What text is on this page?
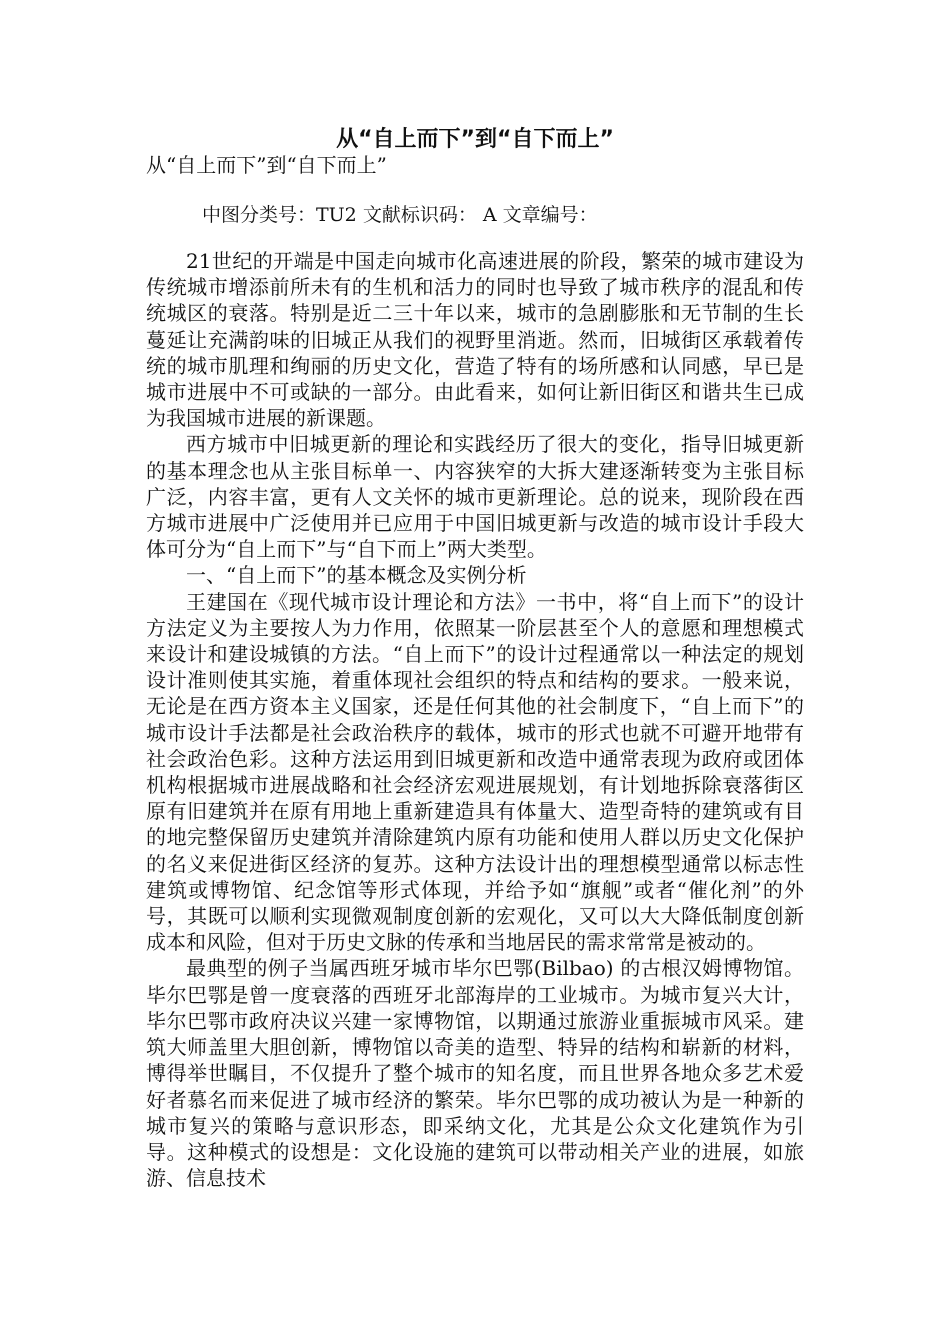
从“自上而下”到“自下而上”
从“自上而下”到“自下而上”
中图分类号：TU2 文献标识码： A 文章编号：

21世纪的开端是中国走向城市化高速进展的阶段，繁荣的城市建设为传统城市增添前所未有的生机和活力的同时也导致了城市秩序的混乱和传统城区的衰落。特别是近二三十年以来，城市的急剧膨胀和无节制的生长蔓延让充满韵味的旧城正从我们的视野里消逝。然而，旧城街区承载着传统的城市肌理和绚丽的历史文化，营造了特有的场所感和认同感，早已是城市进展中不可或缺的一部分。由此看来，如何让新旧街区和谐共生已成为我国城市进展的新课题。

西方城市中旧城更新的理论和实践经历了很大的变化，指导旧城更新的基本理念也从主张目标单一、内容狭窄的大拆大建逐渐转变为主张目标广泛，内容丰富，更有人文关怀的城市更新理论。总的说来，现阶段在西方城市进展中广泛使用并已应用于中国旧城更新与改造的城市设计手段大体可分为“自上而下”与“自下而上”两大类型。

一、“自上而下”的基本概念及实例分析

王建国在《现代城市设计理论和方法》一书中，将“自上而下”的设计方法定义为主要按人为力作用，依照某一阶层甚至个人的意愿和理想模式来设计和建设城镇的方法。“自上而下”的设计过程通常以一种法定的规划设计准则使其实施，着重体现社会组织的特点和结构的要求。一般来说，无论是在西方资本主义国家，还是任何其他的社会制度下，“自上而下”的城市设计手法都是社会政治秩序的载体，城市的形式也就不可避开地带有社会政治色彩。这种方法运用到旧城更新和改造中通常表现为政府或团体机构根据城市进展战略和社会经济宏观进展规划，有计划地拆除衰落街区原有旧建筑并在原有用地上重新建造具有体量大、造型奇特的建筑或有目的地完整保留历史建筑并清除建筑内原有功能和使用人群以历史文化保护的名义来促进街区经济的复苏。这种方法设计出的理想模型通常以标志性建筑或博物馆、纪念馆等形式体现，并给予如“旗舰”或者“催化剂”的外号，其既可以顺利实现微观制度创新的宏观化，又可以大大降低制度创新成本和风险，但对于历史文脉的传承和当地居民的需求常常是被动的。

最典型的例子当属西班牙城市毕尔巴鄂(Bilbao) 的古根汉姆博物馆。毕尔巴鄂是曾一度衰落的西班牙北部海岸的工业城市。为城市复兴大计，毕尔巴鄂市政府决议兴建一家博物馆，以期通过旅游业重振城市风采。建筑大师盖里大胆创新，博物馆以奇美的造型、特异的结构和崭新的材料，博得举世瞩目，不仅提升了整个城市的知名度，而且世界各地众多艺术爱好者慕名而来促进了城市经济的繁荣。毕尔巴鄂的成功被认为是一种新的城市复兴的策略与意识形态，即采纳文化，尤其是公众文化建筑作为引导。这种模式的设想是：文化设施的建筑可以带动相关产业的进展，如旅游、信息技术
